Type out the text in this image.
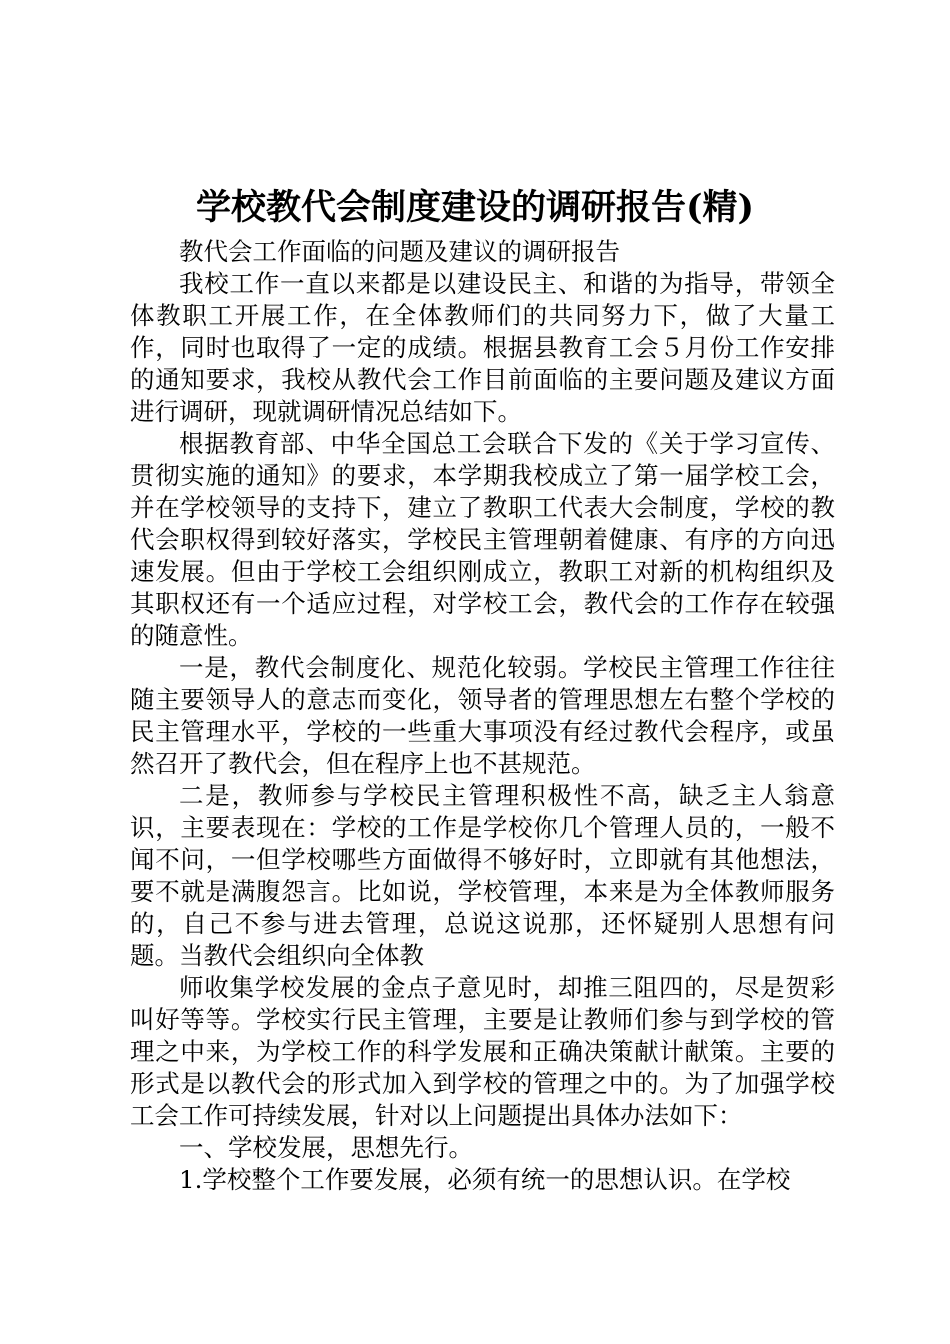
学校教代会制度建设的调研报告(精)

教代会工作面临的问题及建议的调研报告

我校工作一直以来都是以建设民主、和谐的为指导，带领全体教职工开展工作，在全体教师们的共同努力下，做了大量工作，同时也取得了一定的成绩。根据县教育工会５月份工作安排的通知要求，我校从教代会工作目前面临的主要问题及建议方面进行调研，现就调研情况总结如下。

根据教育部、中华全国总工会联合下发的《关于学习宣传、贯彻实施的通知》的要求，本学期我校成立了第一届学校工会，并在学校领导的支持下，建立了教职工代表大会制度，学校的教代会职权得到较好落实，学校民主管理朝着健康、有序的方向迅速发展。但由于学校工会组织刚成立，教职工对新的机构组织及其职权还有一个适应过程，对学校工会，教代会的工作存在较强的随意性。

一是，教代会制度化、规范化较弱。学校民主管理工作往往随主要领导人的意志而变化，领导者的管理思想左右整个学校的民主管理水平，学校的一些重大事项没有经过教代会程序，或虽然召开了教代会，但在程序上也不甚规范。

二是，教师参与学校民主管理积极性不高，缺乏主人翁意识，主要表现在：学校的工作是学校你几个管理人员的，一般不闻不问，一但学校哪些方面做得不够好时，立即就有其他想法，要不就是满腹怨言。比如说，学校管理，本来是为全体教师服务的，自己不参与进去管理，总说这说那，还怀疑别人思想有问题。当教代会组织向全体教

师收集学校发展的金点子意见时，却推三阻四的，尽是贺彩叫好等等。学校实行民主管理，主要是让教师们参与到学校的管理之中来，为学校工作的科学发展和正确决策献计献策。主要的形式是以教代会的形式加入到学校的管理之中的。为了加强学校工会工作可持续发展，针对以上问题提出具体办法如下：

一、学校发展，思想先行。

1.学校整个工作要发展，必须有统一的思想认识。在学校
